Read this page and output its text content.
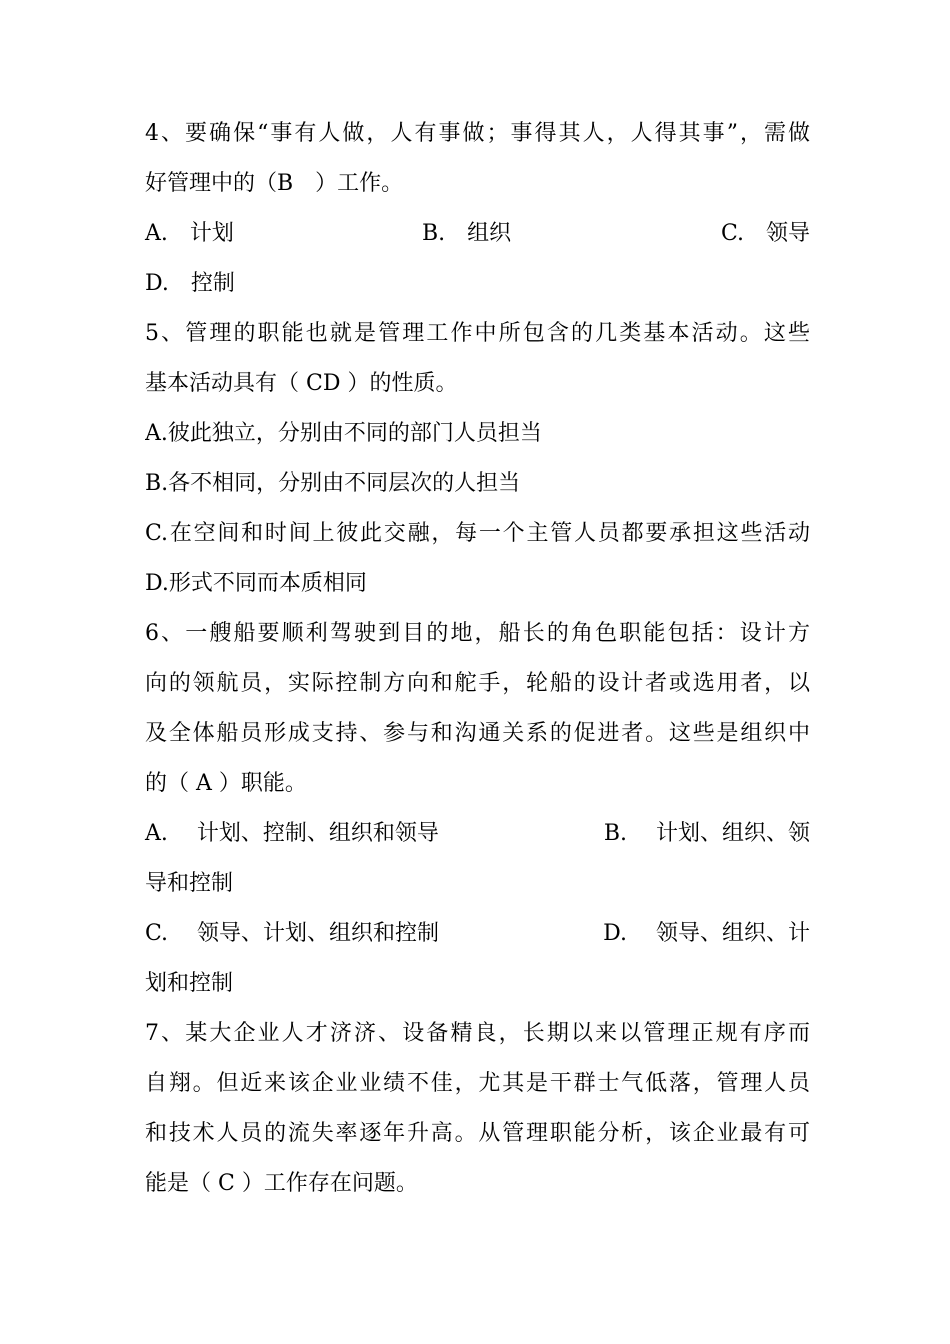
4、要确保“事有人做，人有事做；事得其人，人得其事”，需做
好管理中的（B　）工作。
A.　计划	B.　组织	C.　领导
D.　控制
5、管理的职能也就是管理工作中所包含的几类基本活动。这些
基本活动具有（ CD ）的性质。
A.彼此独立，分别由不同的部门人员担当
B.各不相同，分别由不同层次的人担当
C.在空间和时间上彼此交融，每一个主管人员都要承担这些活动
D.形式不同而本质相同
6、一艘船要顺利驾驶到目的地，船长的角色职能包括：设计方
向的领航员，实际控制方向和舵手，轮船的设计者或选用者，以
及全体船员形成支持、参与和沟通关系的促进者。这些是组织中
的（ A ）职能。
A.　 计划、控制、组织和领导	B.　 计划、组织、领
导和控制
C.　 领导、计划、组织和控制	D.　 领导、组织、计
划和控制
7、某大企业人才济济、设备精良，长期以来以管理正规有序而
自翔。但近来该企业业绩不佳，尤其是干群士气低落，管理人员
和技术人员的流失率逐年升高。从管理职能分析，该企业最有可
能是（ C ）工作存在问题。
